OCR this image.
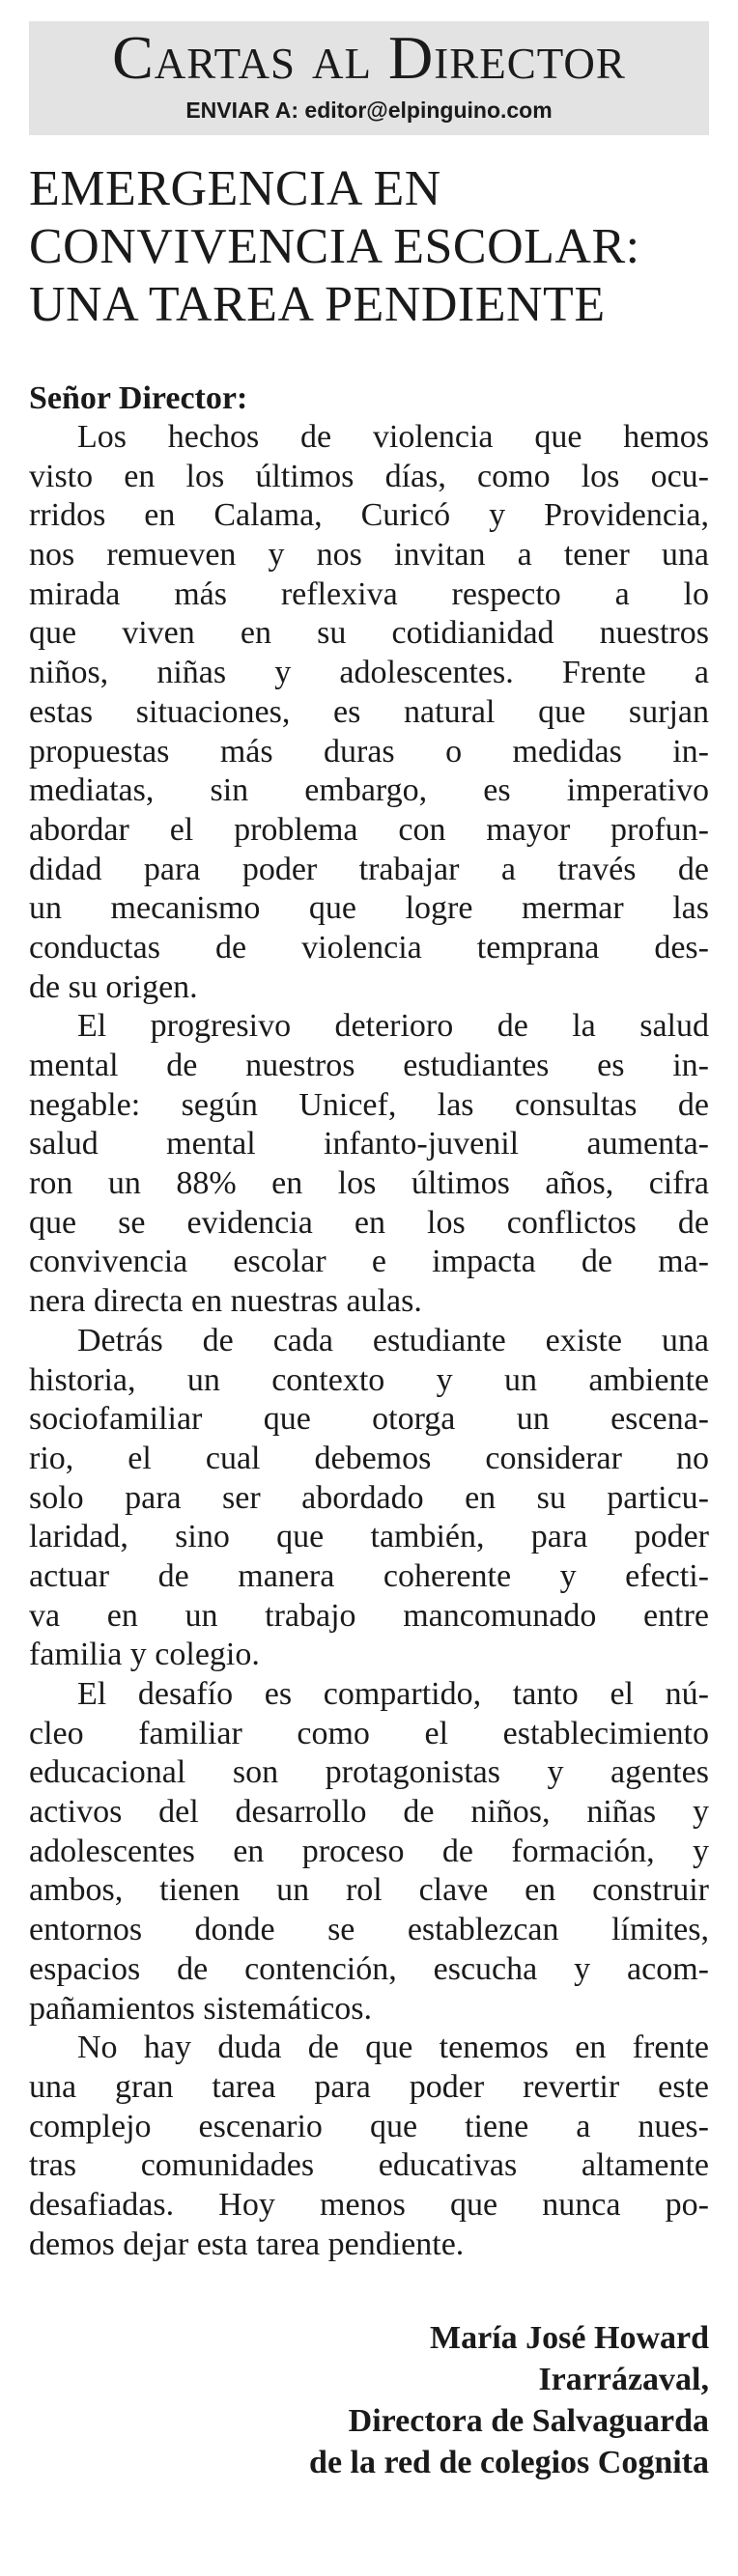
Cartas al Director
ENVIAR A: editor@elpinguino.com
EMERGENCIA EN
CONVIVENCIA ESCOLAR:
UNA TAREA PENDIENTE
Señor Director:
Los hechos de violencia que hemos
visto en los últimos días, como los ocu-
rridos en Calama, Curicó y Providencia,
nos remueven y nos invitan a tener una
mirada más reflexiva respecto a lo
que viven en su cotidianidad nuestros
niños, niñas y adolescentes. Frente a
estas situaciones, es natural que surjan
propuestas más duras o medidas in-
mediatas, sin embargo, es imperativo
abordar el problema con mayor profun-
didad para poder trabajar a través de
un mecanismo que logre mermar las
conductas de violencia temprana des-
de su origen.
El progresivo deterioro de la salud
mental de nuestros estudiantes es in-
negable: según Unicef, las consultas de
salud mental infanto-juvenil aumenta-
ron un 88% en los últimos años, cifra
que se evidencia en los conflictos de
convivencia escolar e impacta de ma-
nera directa en nuestras aulas.
Detrás de cada estudiante existe una
historia, un contexto y un ambiente
sociofamiliar que otorga un escena-
rio, el cual debemos considerar no
solo para ser abordado en su particu-
laridad, sino que también, para poder
actuar de manera coherente y efecti-
va en un trabajo mancomunado entre
familia y colegio.
El desafío es compartido, tanto el nú-
cleo familiar como el establecimiento
educacional son protagonistas y agentes
activos del desarrollo de niños, niñas y
adolescentes en proceso de formación, y
ambos, tienen un rol clave en construir
entornos donde se establezcan límites,
espacios de contención, escucha y acom-
pañamientos sistemáticos.
No hay duda de que tenemos en frente
una gran tarea para poder revertir este
complejo escenario que tiene a nues-
tras comunidades educativas altamente
desafiadas. Hoy menos que nunca po-
demos dejar esta tarea pendiente.
María José Howard
Irarrázaval,
Directora de Salvaguarda
de la red de colegios Cognita
